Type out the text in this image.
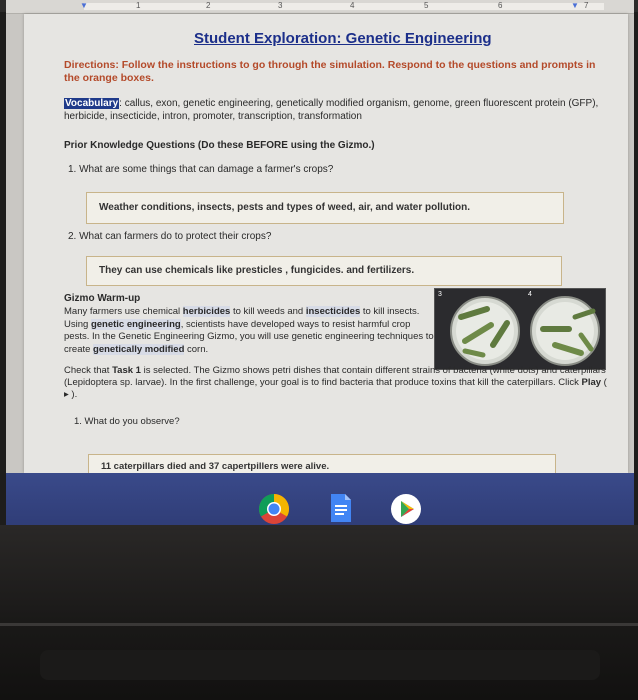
▼	1	2	3	4	5	6	7
▼

Student Exploration: Genetic Engineering

Directions: Follow the instructions to go through the simulation. Respond to the questions and prompts in the orange boxes.

Vocabulary: callus, exon, genetic engineering, genetically modified organism, genome, green fluorescent protein (GFP), herbicide, insecticide, intron, promoter, transcription, transformation

Prior Knowledge Questions (Do these BEFORE using the Gizmo.)

1. What are some things that can damage a farmer's crops?

Weather conditions, insects, pests and types of weed, air, and water pollution.

2. What can farmers do to protect their crops?

They can use chemicals like presticles , fungicides. and fertilizers.

Gizmo Warm-up

Many farmers use chemical herbicides to kill weeds and insecticides to kill insects. Using genetic engineering, scientists have developed ways to resist harmful crop pests. In the Genetic Engineering Gizmo, you will use genetic engineering techniques to create genetically modified corn.

3	4

Check that Task 1 is selected. The Gizmo shows petri dishes that contain different strains of bacteria (white dots) and caterpillars (Lepidoptera sp. larvae). In the first challenge, your goal is to find bacteria that produce toxins that kill the caterpillars. Click Play ( ▸ ).

1. What do you observe?

11 caterpillars died and 37 capertpillers were alive.
